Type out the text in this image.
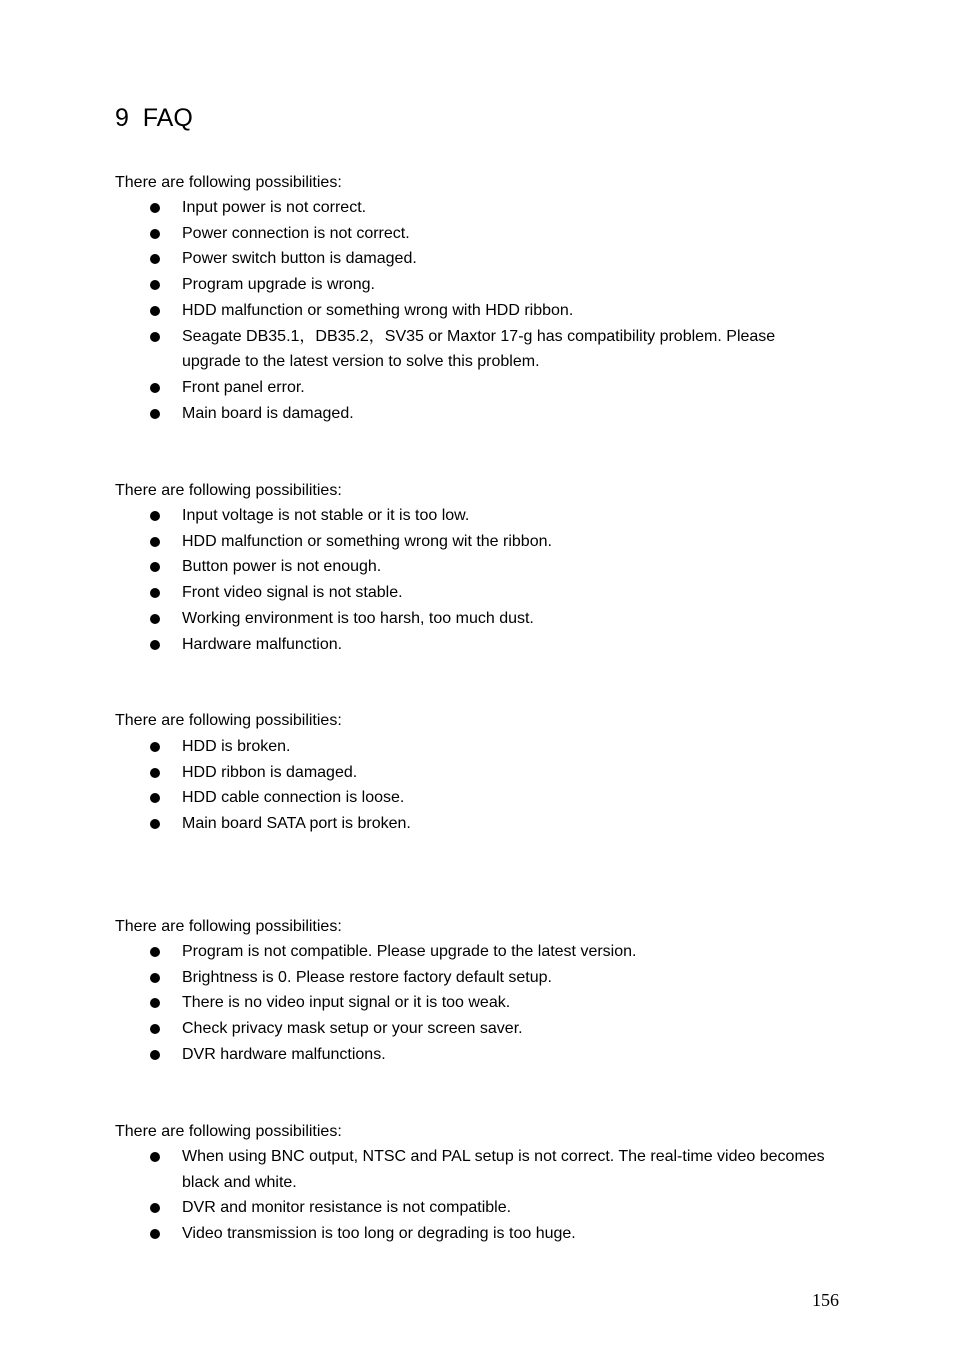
9  FAQ

There are following possibilities:

Input power is not correct.
Power connection is not correct.
Power switch button is damaged.
Program upgrade is wrong.
HDD malfunction or something wrong with HDD ribbon.
Seagate DB35.1，DB35.2，SV35 or Maxtor 17-g has compatibility problem. Please upgrade to the latest version to solve this problem.
Front panel error.
Main board is damaged.

There are following possibilities:

Input voltage is not stable or it is too low.
HDD malfunction or something wrong wit the ribbon.
Button power is not enough.
Front video signal is not stable.
Working environment is too harsh, too much dust.
Hardware malfunction.

There are following possibilities:

HDD is broken.
HDD ribbon is damaged.
HDD cable connection is loose.
Main board SATA port is broken.

There are following possibilities:

Program is not compatible. Please upgrade to the latest version.
Brightness is 0. Please restore factory default setup.
There is no video input signal or it is too weak.
Check privacy mask setup or your screen saver.
DVR hardware malfunctions.

There are following possibilities:

When using BNC output, NTSC and PAL setup is not correct. The real-time video becomes black and white.
DVR and monitor resistance is not compatible.
Video transmission is too long or degrading is too huge.
156
